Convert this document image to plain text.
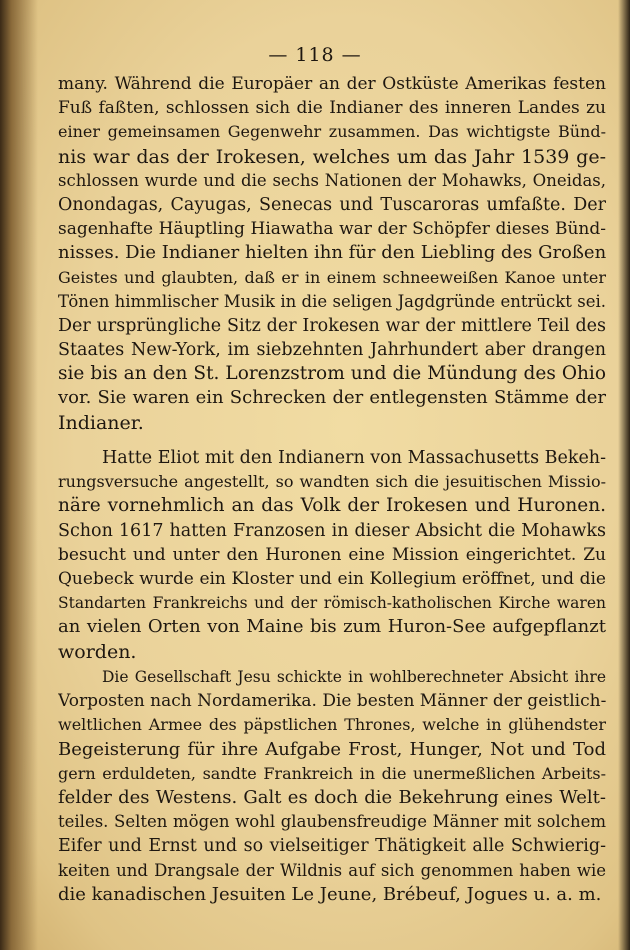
— 118 —
many. Während die Europäer an der Ostküste Amerikas festen
Fuß faßten, schlossen sich die Indianer des inneren Landes zu
einer gemeinsamen Gegenwehr zusammen. Das wichtigste Bünd-
nis war das der Irokesen, welches um das Jahr 1539 ge-
schlossen wurde und die sechs Nationen der Mohawks, Oneidas,
Onondagas, Cayugas, Senecas und Tuscaroras umfaßte. Der
sagenhafte Häuptling Hiawatha war der Schöpfer dieses Bünd-
nisses. Die Indianer hielten ihn für den Liebling des Großen
Geistes und glaubten, daß er in einem schneeweißen Kanoe unter
Tönen himmlischer Musik in die seligen Jagdgründe entrückt sei.
Der ursprüngliche Sitz der Irokesen war der mittlere Teil des
Staates New-York, im siebzehnten Jahrhundert aber drangen
sie bis an den St. Lorenzstrom und die Mündung des Ohio
vor. Sie waren ein Schrecken der entlegensten Stämme der
Indianer.
Hatte Eliot mit den Indianern von Massachusetts Bekeh-
rungsversuche angestellt, so wandten sich die jesuitischen Missio-
näre vornehmlich an das Volk der Irokesen und Huronen.
Schon 1617 hatten Franzosen in dieser Absicht die Mohawks
besucht und unter den Huronen eine Mission eingerichtet. Zu
Quebeck wurde ein Kloster und ein Kollegium eröffnet, und die
Standarten Frankreichs und der römisch-katholischen Kirche waren
an vielen Orten von Maine bis zum Huron-See aufgepflanzt
worden.
Die Gesellschaft Jesu schickte in wohlberechneter Absicht ihre
Vorposten nach Nordamerika. Die besten Männer der geistlich-
weltlichen Armee des päpstlichen Thrones, welche in glühendster
Begeisterung für ihre Aufgabe Frost, Hunger, Not und Tod
gern erduldeten, sandte Frankreich in die unermeßlichen Arbeits-
felder des Westens. Galt es doch die Bekehrung eines Welt-
teiles. Selten mögen wohl glaubensfreudige Männer mit solchem
Eifer und Ernst und so vielseitiger Thätigkeit alle Schwierig-
keiten und Drangsale der Wildnis auf sich genommen haben wie
die kanadischen Jesuiten Le Jeune, Brébeuf, Jogues u. a. m.
